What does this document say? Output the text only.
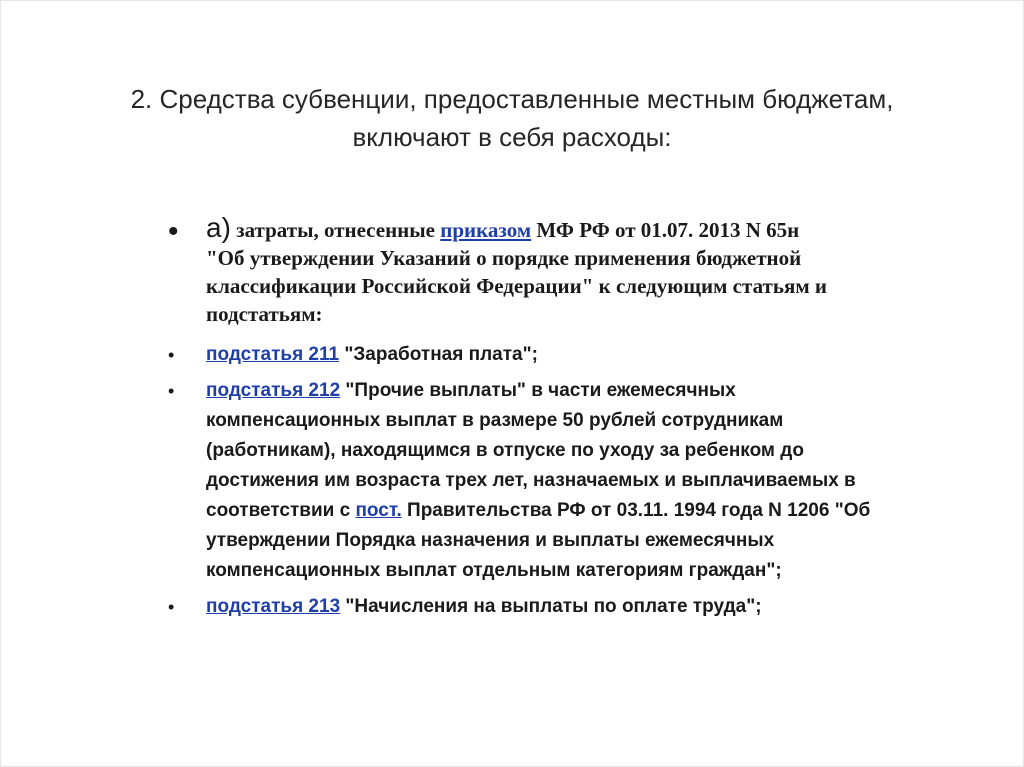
2. Средства субвенции, предоставленные местным бюджетам,
включают в себя расходы:
• а) затраты, отнесенные приказом МФ РФ от 01.07. 2013 N 65н
"Об утверждении Указаний о порядке применения бюджетной
классификации Российской Федерации" к следующим статьям и
подстатьям:
• подстатья 211 "Заработная плата";
• подстатья 212 "Прочие выплаты" в части ежемесячных
компенсационных выплат в размере 50 рублей сотрудникам
(работникам), находящимся в отпуске по уходу за ребенком до
достижения им возраста трех лет, назначаемых и выплачиваемых в
соответствии с пост. Правительства РФ от 03.11. 1994 года N 1206 "Об
утверждении Порядка назначения и выплаты ежемесячных
компенсационных выплат отдельным категориям граждан";
• подстатья 213 "Начисления на выплаты по оплате труда";
